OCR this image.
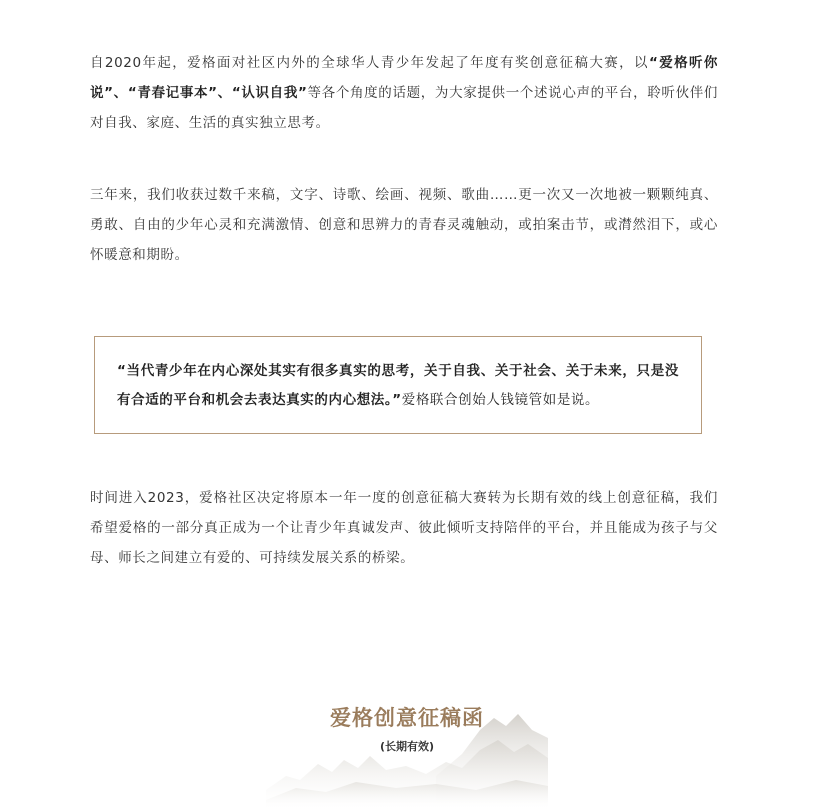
自2020年起，爱格面对社区内外的全球华人青少年发起了年度有奖创意征稿大赛，以“爱格听你说”、“青春记事本”、“认识自我”等各个角度的话题，为大家提供一个述说心声的平台，聆听伙伴们对自我、家庭、生活的真实独立思考。

三年来，我们收获过数千来稿，文字、诗歌、绘画、视频、歌曲……更一次又一次地被一颗颗纯真、勇敢、自由的少年心灵和充满激情、创意和思辨力的青春灵魂触动，或拍案击节，或潸然泪下，或心怀暖意和期盼。

“当代青少年在内心深处其实有很多真实的思考，关于自我、关于社会、关于未来，只是没有合适的平台和机会去表达真实的内心想法。”爱格联合创始人钱镜管如是说。

时间进入2023，爱格社区决定将原本一年一度的创意征稿大赛转为长期有效的线上创意征稿，我们希望爱格的一部分真正成为一个让青少年真诚发声、彼此倾听支持陪伴的平台，并且能成为孩子与父母、师长之间建立有爱的、可持续发展关系的桥梁。

爱格创意征稿函
(长期有效)
